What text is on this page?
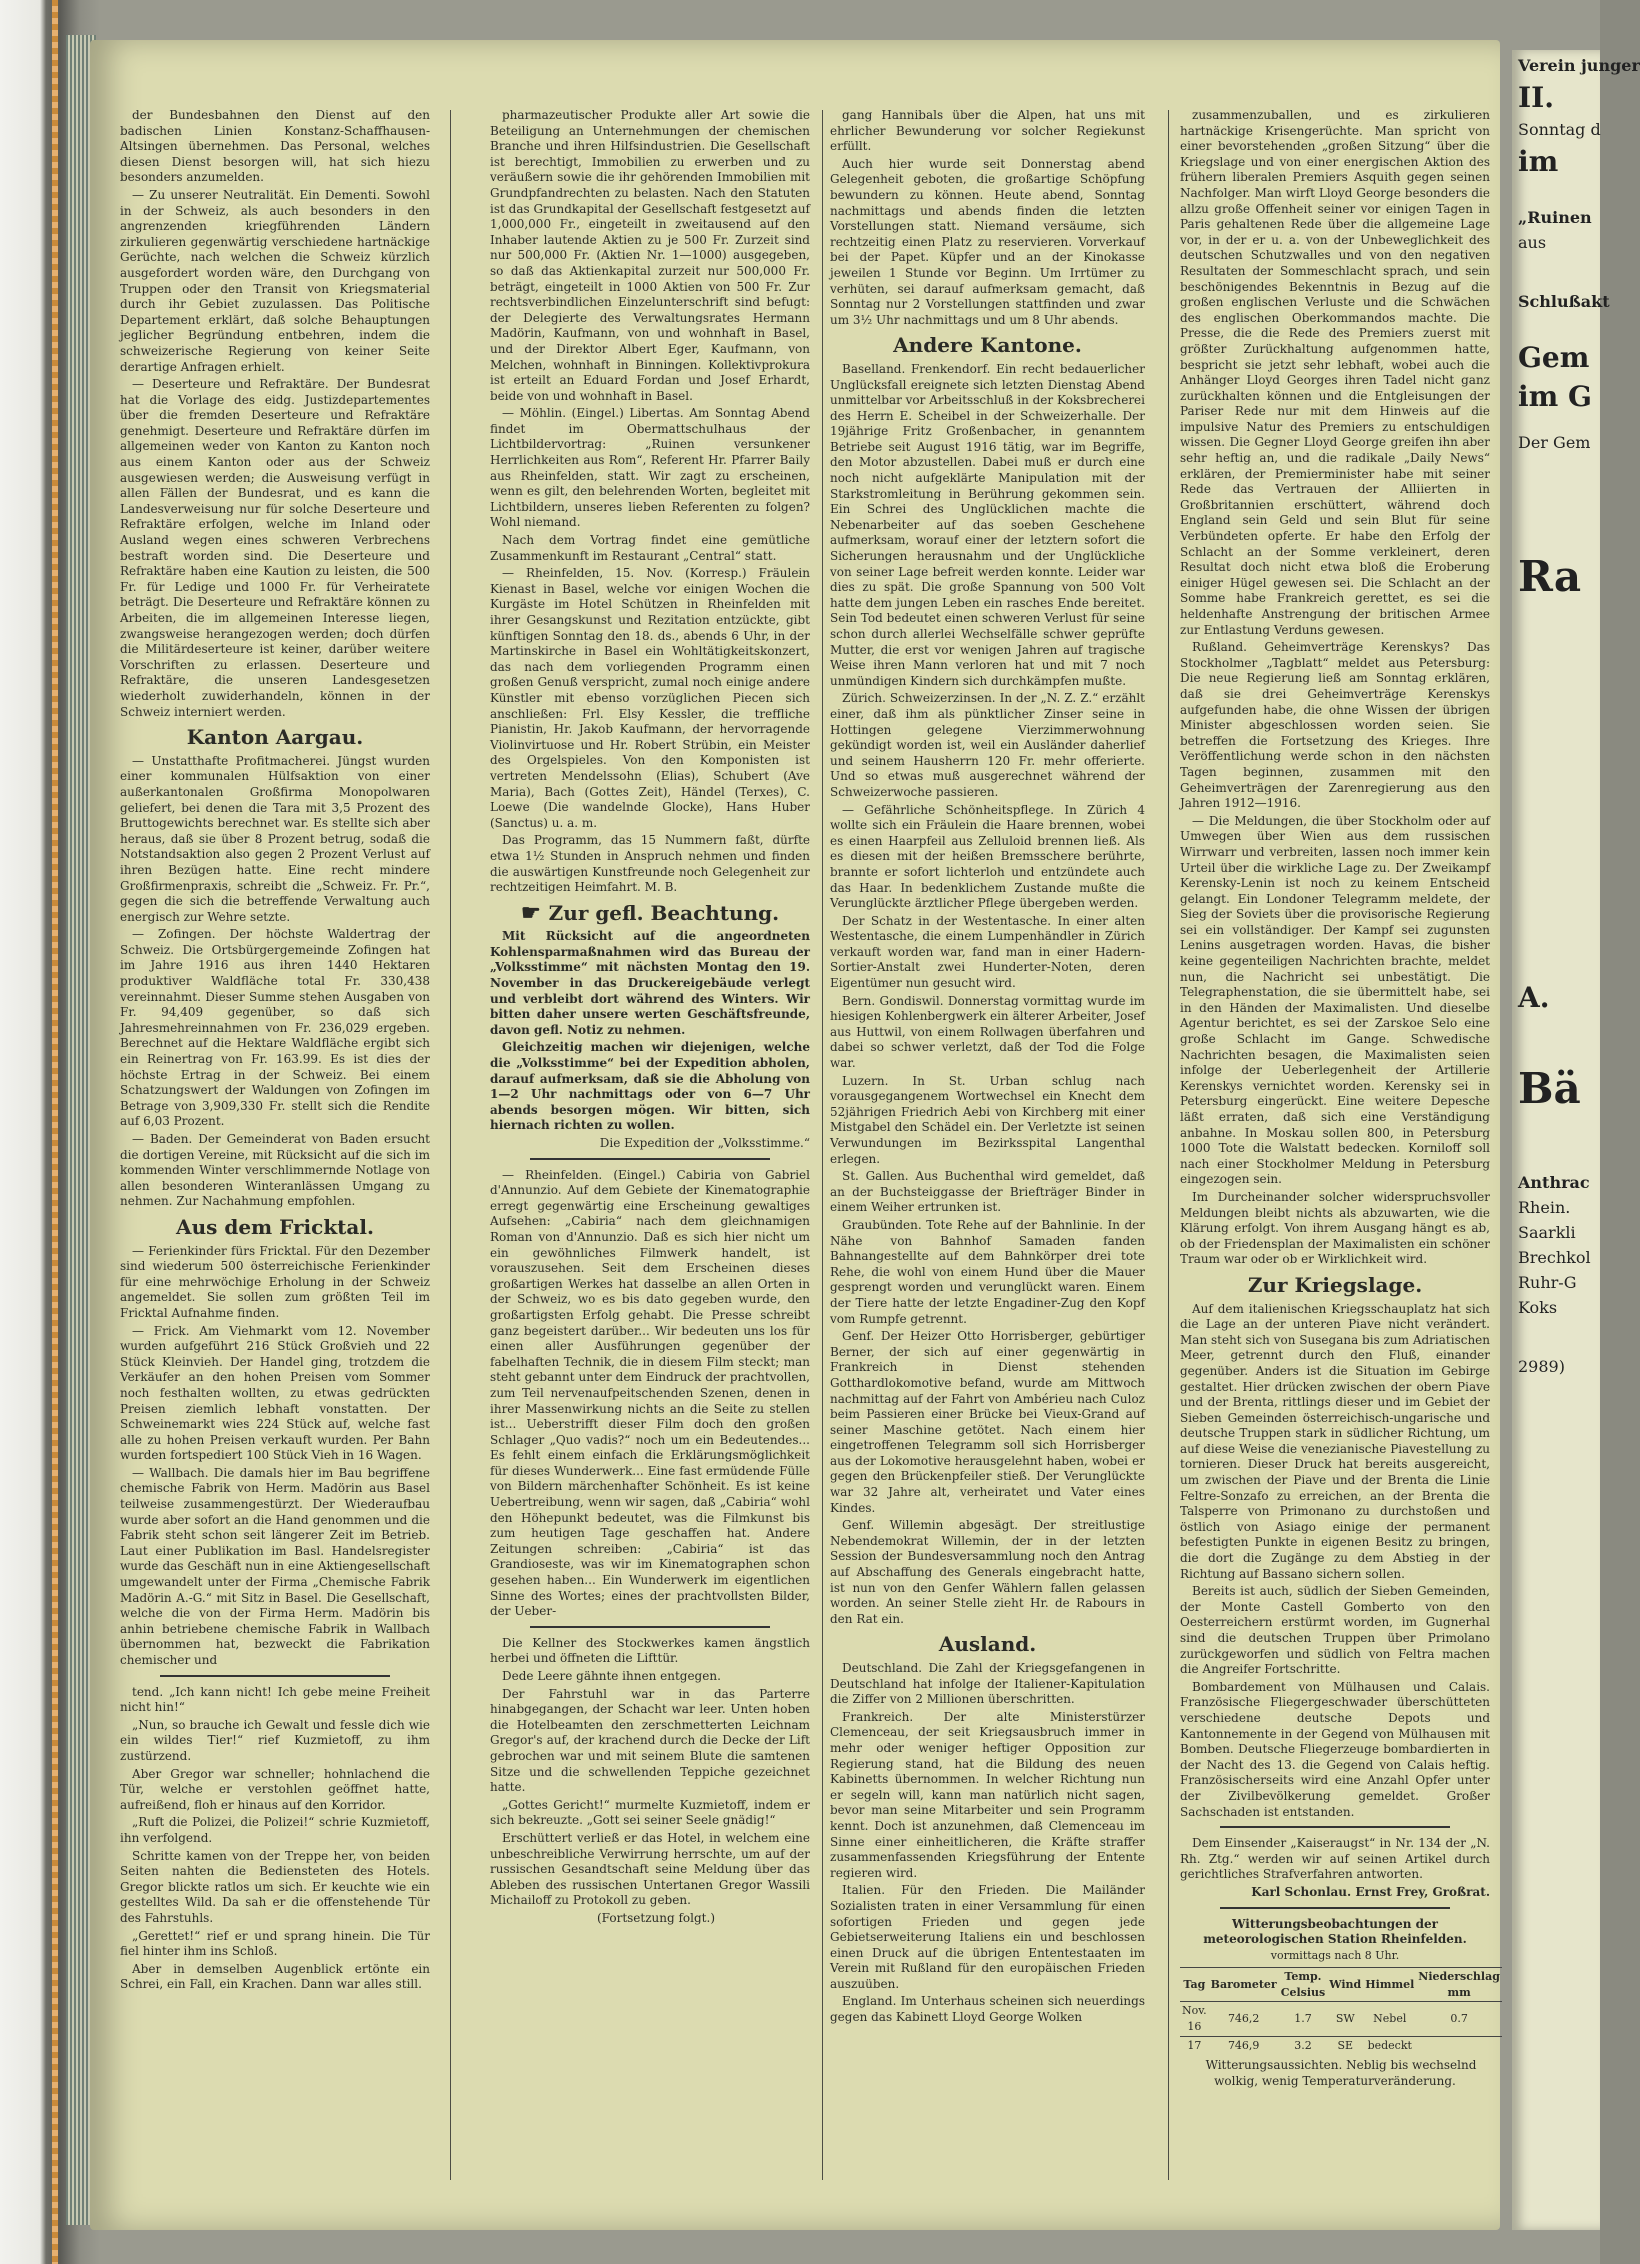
der Bundesbahnen den Dienst auf den badischen Linien Konstanz-Schaffhausen-Altsingen übernehmen. Das Personal, welches diesen Dienst besorgen will, hat sich hiezu besonders anzumelden.

— Zu unserer Neutralität. Ein Dementi. Sowohl in der Schweiz, als auch besonders in den angrenzenden kriegführenden Ländern zirkulieren gegenwärtig verschiedene hartnäckige Gerüchte, nach welchen die Schweiz kürzlich ausgefordert worden wäre, den Durchgang von Truppen oder den Transit von Kriegsmaterial durch ihr Gebiet zuzulassen. Das Politische Departement erklärt, daß solche Behauptungen jeglicher Begründung entbehren, indem die schweizerische Regierung von keiner Seite derartige Anfragen erhielt.

— Deserteure und Refraktäre. Der Bundesrat hat die Vorlage des eidg. Justizdepartementes über die fremden Deserteure und Refraktäre genehmigt. Deserteure und Refraktäre dürfen im allgemeinen weder von Kanton zu Kanton noch aus einem Kanton oder aus der Schweiz ausgewiesen werden; die Ausweisung verfügt in allen Fällen der Bundesrat, und es kann die Landesverweisung nur für solche Deserteure und Refraktäre erfolgen, welche im Inland oder Ausland wegen eines schweren Verbrechens bestraft worden sind. Die Deserteure und Refraktäre haben eine Kaution zu leisten, die 500 Fr. für Ledige und 1000 Fr. für Verheiratete beträgt. Die Deserteure und Refraktäre können zu Arbeiten, die im allgemeinen Interesse liegen, zwangsweise herangezogen werden; doch dürfen die Militärdeserteure ist keiner, darüber weitere Vorschriften zu erlassen. Deserteure und Refraktäre, die unseren Landesgesetzen wiederholt zuwiderhandeln, können in der Schweiz interniert werden.

Kanton Aargau.

— Unstatthafte Profitmacherei. Jüngst wurden einer kommunalen Hülfsaktion von einer außerkantonalen Großfirma Monopolwaren geliefert, bei denen die Tara mit 3,5 Prozent des Bruttogewichts berechnet war. Es stellte sich aber heraus, daß sie über 8 Prozent betrug, sodaß die Notstandsaktion also gegen 2 Prozent Verlust auf ihren Bezügen hatte. Eine recht mindere Großfirmenpraxis, schreibt die „Schweiz. Fr. Pr.“, gegen die sich die betreffende Verwaltung auch energisch zur Wehre setzte.

— Zofingen. Der höchste Waldertrag der Schweiz. Die Ortsbürgergemeinde Zofingen hat im Jahre 1916 aus ihren 1440 Hektaren produktiver Waldfläche total Fr. 330,438 vereinnahmt. Dieser Summe stehen Ausgaben von Fr. 94,409 gegenüber, so daß sich Jahresmehreinnahmen von Fr. 236,029 ergeben. Berechnet auf die Hektare Waldfläche ergibt sich ein Reinertrag von Fr. 163.99. Es ist dies der höchste Ertrag in der Schweiz. Bei einem Schatzungswert der Waldungen von Zofingen im Betrage von 3,909,330 Fr. stellt sich die Rendite auf 6,03 Prozent.

— Baden. Der Gemeinderat von Baden ersucht die dortigen Vereine, mit Rücksicht auf die sich im kommenden Winter verschlimmernde Notlage von allen besonderen Winteranlässen Umgang zu nehmen. Zur Nachahmung empfohlen.

Aus dem Fricktal.

— Ferienkinder fürs Fricktal. Für den Dezember sind wiederum 500 österreichische Ferienkinder für eine mehrwöchige Erholung in der Schweiz angemeldet. Sie sollen zum größten Teil im Fricktal Aufnahme finden.

— Frick. Am Viehmarkt vom 12. November wurden aufgeführt 216 Stück Großvieh und 22 Stück Kleinvieh. Der Handel ging, trotzdem die Verkäufer an den hohen Preisen vom Sommer noch festhalten wollten, zu etwas gedrückten Preisen ziemlich lebhaft vonstatten. Der Schweinemarkt wies 224 Stück auf, welche fast alle zu hohen Preisen verkauft wurden. Per Bahn wurden fortspediert 100 Stück Vieh in 16 Wagen.

— Wallbach. Die damals hier im Bau begriffene chemische Fabrik von Herm. Madörin aus Basel teilweise zusammengestürzt. Der Wiederaufbau wurde aber sofort an die Hand genommen und die Fabrik steht schon seit längerer Zeit im Betrieb. Laut einer Publikation im Basl. Handelsregister wurde das Geschäft nun in eine Aktiengesellschaft umgewandelt unter der Firma „Chemische Fabrik Madörin A.-G.“ mit Sitz in Basel. Die Gesellschaft, welche die von der Firma Herm. Madörin bis anhin betriebene chemische Fabrik in Wallbach übernommen hat, bezweckt die Fabrikation chemischer und

tend. „Ich kann nicht! Ich gebe meine Freiheit nicht hin!“

„Nun, so brauche ich Gewalt und fessle dich wie ein wildes Tier!“ rief Kuzmietoff, zu ihm zustürzend.

Aber Gregor war schneller; hohnlachend die Tür, welche er verstohlen geöffnet hatte, aufreißend, floh er hinaus auf den Korridor.

„Ruft die Polizei, die Polizei!“ schrie Kuzmietoff, ihn verfolgend.

Schritte kamen von der Treppe her, von beiden Seiten nahten die Bediensteten des Hotels. Gregor blickte ratlos um sich. Er keuchte wie ein gestelltes Wild. Da sah er die offenstehende Tür des Fahrstuhls.

„Gerettet!“ rief er und sprang hinein. Die Tür fiel hinter ihm ins Schloß.

Aber in demselben Augenblick ertönte ein Schrei, ein Fall, ein Krachen. Dann war alles still.

pharmazeutischer Produkte aller Art sowie die Beteiligung an Unternehmungen der chemischen Branche und ihren Hilfsindustrien. Die Gesellschaft ist berechtigt, Immobilien zu erwerben und zu veräußern sowie die ihr gehörenden Immobilien mit Grundpfandrechten zu belasten. Nach den Statuten ist das Grundkapital der Gesellschaft festgesetzt auf 1,000,000 Fr., eingeteilt in zweitausend auf den Inhaber lautende Aktien zu je 500 Fr. Zurzeit sind nur 500,000 Fr. (Aktien Nr. 1—1000) ausgegeben, so daß das Aktienkapital zurzeit nur 500,000 Fr. beträgt, eingeteilt in 1000 Aktien von 500 Fr. Zur rechtsverbindlichen Einzelunterschrift sind befugt: der Delegierte des Verwaltungsrates Hermann Madörin, Kaufmann, von und wohnhaft in Basel, und der Direktor Albert Eger, Kaufmann, von Melchen, wohnhaft in Binningen. Kollektivprokura ist erteilt an Eduard Fordan und Josef Erhardt, beide von und wohnhaft in Basel.

— Möhlin. (Eingel.) Libertas. Am Sonntag Abend findet im Obermattschulhaus der Lichtbildervortrag: „Ruinen versunkener Herrlichkeiten aus Rom“, Referent Hr. Pfarrer Baily aus Rheinfelden, statt. Wir zagt zu erscheinen, wenn es gilt, den belehrenden Worten, begleitet mit Lichtbildern, unseres lieben Referenten zu folgen? Wohl niemand.

Nach dem Vortrag findet eine gemütliche Zusammenkunft im Restaurant „Central“ statt.

— Rheinfelden, 15. Nov. (Korresp.) Fräulein Kienast in Basel, welche vor einigen Wochen die Kurgäste im Hotel Schützen in Rheinfelden mit ihrer Gesangskunst und Rezitation entzückte, gibt künftigen Sonntag den 18. ds., abends 6 Uhr, in der Martinskirche in Basel ein Wohltätigkeitskonzert, das nach dem vorliegenden Programm einen großen Genuß verspricht, zumal noch einige andere Künstler mit ebenso vorzüglichen Piecen sich anschließen: Frl. Elsy Kessler, die treffliche Pianistin, Hr. Jakob Kaufmann, der hervorragende Violinvirtuose und Hr. Robert Strübin, ein Meister des Orgelspieles. Von den Komponisten ist vertreten Mendelssohn (Elias), Schubert (Ave Maria), Bach (Gottes Zeit), Händel (Terxes), C. Loewe (Die wandelnde Glocke), Hans Huber (Sanctus) u. a. m.

Das Programm, das 15 Nummern faßt, dürfte etwa 1½ Stunden in Anspruch nehmen und finden die auswärtigen Kunstfreunde noch Gelegenheit zur rechtzeitigen Heimfahrt. M. B.

☛ Zur gefl. Beachtung.

Mit Rücksicht auf die angeordneten Kohlensparmaßnahmen wird das Bureau der „Volksstimme“ mit nächsten Montag den 19. November in das Druckereigebäude verlegt und verbleibt dort während des Winters. Wir bitten daher unsere werten Geschäftsfreunde, davon gefl. Notiz zu nehmen.

Gleichzeitig machen wir diejenigen, welche die „Volksstimme“ bei der Expedition abholen, darauf aufmerksam, daß sie die Abholung von 1—2 Uhr nachmittags oder von 6—7 Uhr abends besorgen mögen. Wir bitten, sich hiernach richten zu wollen.

Die Expedition der „Volksstimme.“

— Rheinfelden. (Eingel.) Cabiria von Gabriel d'Annunzio. Auf dem Gebiete der Kinematographie erregt gegenwärtig eine Erscheinung gewaltiges Aufsehen: „Cabiria“ nach dem gleichnamigen Roman von d'Annunzio. Daß es sich hier nicht um ein gewöhnliches Filmwerk handelt, ist vorauszusehen. Seit dem Erscheinen dieses großartigen Werkes hat dasselbe an allen Orten in der Schweiz, wo es bis dato gegeben wurde, den großartigsten Erfolg gehabt. Die Presse schreibt ganz begeistert darüber... Wir bedeuten uns los für einen aller Ausführungen gegenüber der fabelhaften Technik, die in diesem Film steckt; man steht gebannt unter dem Eindruck der prachtvollen, zum Teil nervenaufpeitschenden Szenen, denen in ihrer Massenwirkung nichts an die Seite zu stellen ist... Ueberstrifft dieser Film doch den großen Schlager „Quo vadis?“ noch um ein Bedeutendes... Es fehlt einem einfach die Erklärungsmöglichkeit für dieses Wunderwerk... Eine fast ermüdende Fülle von Bildern märchenhafter Schönheit. Es ist keine Uebertreibung, wenn wir sagen, daß „Cabiria“ wohl den Höhepunkt bedeutet, was die Filmkunst bis zum heutigen Tage geschaffen hat. Andere Zeitungen schreiben: „Cabiria“ ist das Grandioseste, was wir im Kinematographen schon gesehen haben... Ein Wunderwerk im eigentlichen Sinne des Wortes; eines der prachtvollsten Bilder, der Ueber-

Die Kellner des Stockwerkes kamen ängstlich herbei und öffneten die Lifttür.

Dede Leere gähnte ihnen entgegen.

Der Fahrstuhl war in das Parterre hinabgegangen, der Schacht war leer. Unten hoben die Hotelbeamten den zerschmetterten Leichnam Gregor's auf, der krachend durch die Decke der Lift gebrochen war und mit seinem Blute die samtenen Sitze und die schwellenden Teppiche gezeichnet hatte.

„Gottes Gericht!“ murmelte Kuzmietoff, indem er sich bekreuzte. „Gott sei seiner Seele gnädig!“

Erschüttert verließ er das Hotel, in welchem eine unbeschreibliche Verwirrung herrschte, um auf der russischen Gesandtschaft seine Meldung über das Ableben des russischen Untertanen Gregor Wassili Michailoff zu Protokoll zu geben.

(Fortsetzung folgt.)

gang Hannibals über die Alpen, hat uns mit ehrlicher Bewunderung vor solcher Regiekunst erfüllt.

Auch hier wurde seit Donnerstag abend Gelegenheit geboten, die großartige Schöpfung bewundern zu können. Heute abend, Sonntag nachmittags und abends finden die letzten Vorstellungen statt. Niemand versäume, sich rechtzeitig einen Platz zu reservieren. Vorverkauf bei der Papet. Küpfer und an der Kinokasse jeweilen 1 Stunde vor Beginn. Um Irrtümer zu verhüten, sei darauf aufmerksam gemacht, daß Sonntag nur 2 Vorstellungen stattfinden und zwar um 3½ Uhr nachmittags und um 8 Uhr abends.

Andere Kantone.

Baselland. Frenkendorf. Ein recht bedauerlicher Unglücksfall ereignete sich letzten Dienstag Abend unmittelbar vor Arbeitsschluß in der Koksbrecherei des Herrn E. Scheibel in der Schweizerhalle. Der 19jährige Fritz Großenbacher, in genanntem Betriebe seit August 1916 tätig, war im Begriffe, den Motor abzustellen. Dabei muß er durch eine noch nicht aufgeklärte Manipulation mit der Starkstromleitung in Berührung gekommen sein. Ein Schrei des Unglücklichen machte die Nebenarbeiter auf das soeben Geschehene aufmerksam, worauf einer der letztern sofort die Sicherungen herausnahm und der Unglückliche von seiner Lage befreit werden konnte. Leider war dies zu spät. Die große Spannung von 500 Volt hatte dem jungen Leben ein rasches Ende bereitet. Sein Tod bedeutet einen schweren Verlust für seine schon durch allerlei Wechselfälle schwer geprüfte Mutter, die erst vor wenigen Jahren auf tragische Weise ihren Mann verloren hat und mit 7 noch unmündigen Kindern sich durchkämpfen mußte.

Zürich. Schweizerzinsen. In der „N. Z. Z.“ erzählt einer, daß ihm als pünktlicher Zinser seine in Hottingen gelegene Vierzimmerwohnung gekündigt worden ist, weil ein Ausländer daherlief und seinem Hausherrn 120 Fr. mehr offerierte. Und so etwas muß ausgerechnet während der Schweizerwoche passieren.

— Gefährliche Schönheitspflege. In Zürich 4 wollte sich ein Fräulein die Haare brennen, wobei es einen Haarpfeil aus Zelluloid brennen ließ. Als es diesen mit der heißen Bremsschere berührte, brannte er sofort lichterloh und entzündete auch das Haar. In bedenklichem Zustande mußte die Verunglückte ärztlicher Pflege übergeben werden.

Der Schatz in der Westentasche. In einer alten Westentasche, die einem Lumpenhändler in Zürich verkauft worden war, fand man in einer Hadern-Sortier-Anstalt zwei Hunderter-Noten, deren Eigentümer nun gesucht wird.

Bern. Gondiswil. Donnerstag vormittag wurde im hiesigen Kohlenbergwerk ein älterer Arbeiter, Josef aus Huttwil, von einem Rollwagen überfahren und dabei so schwer verletzt, daß der Tod die Folge war.

Luzern. In St. Urban schlug nach vorausgegangenem Wortwechsel ein Knecht dem 52jährigen Friedrich Aebi von Kirchberg mit einer Mistgabel den Schädel ein. Der Verletzte ist seinen Verwundungen im Bezirksspital Langenthal erlegen.

St. Gallen. Aus Buchenthal wird gemeldet, daß an der Buchsteiggasse der Briefträger Binder in einem Weiher ertrunken ist.

Graubünden. Tote Rehe auf der Bahnlinie. In der Nähe von Bahnhof Samaden fanden Bahnangestellte auf dem Bahnkörper drei tote Rehe, die wohl von einem Hund über die Mauer gesprengt worden und verunglückt waren. Einem der Tiere hatte der letzte Engadiner-Zug den Kopf vom Rumpfe getrennt.

Genf. Der Heizer Otto Horrisberger, gebürtiger Berner, der sich auf einer gegenwärtig in Frankreich in Dienst stehenden Gotthardlokomotive befand, wurde am Mittwoch nachmittag auf der Fahrt von Ambérieu nach Culoz beim Passieren einer Brücke bei Vieux-Grand auf seiner Maschine getötet. Nach einem hier eingetroffenen Telegramm soll sich Horrisberger aus der Lokomotive herausgelehnt haben, wobei er gegen den Brückenpfeiler stieß. Der Verunglückte war 32 Jahre alt, verheiratet und Vater eines Kindes.

Genf. Willemin abgesägt. Der streitlustige Nebendemokrat Willemin, der in der letzten Session der Bundesversammlung noch den Antrag auf Abschaffung des Generals eingebracht hatte, ist nun von den Genfer Wählern fallen gelassen worden. An seiner Stelle zieht Hr. de Rabours in den Rat ein.

Ausland.

Deutschland. Die Zahl der Kriegsgefangenen in Deutschland hat infolge der Italiener-Kapitulation die Ziffer von 2 Millionen überschritten.

Frankreich. Der alte Ministerstürzer Clemenceau, der seit Kriegsausbruch immer in mehr oder weniger heftiger Opposition zur Regierung stand, hat die Bildung des neuen Kabinetts übernommen. In welcher Richtung nun er segeln will, kann man natürlich nicht sagen, bevor man seine Mitarbeiter und sein Programm kennt. Doch ist anzunehmen, daß Clemenceau im Sinne einer einheitlicheren, die Kräfte straffer zusammenfassenden Kriegsführung der Entente regieren wird.

Italien. Für den Frieden. Die Mailänder Sozialisten traten in einer Versammlung für einen sofortigen Frieden und gegen jede Gebietserweiterung Italiens ein und beschlossen einen Druck auf die übrigen Ententestaaten im Verein mit Rußland für den europäischen Frieden auszuüben.

England. Im Unterhaus scheinen sich neuerdings gegen das Kabinett Lloyd George Wolken

zusammenzuballen, und es zirkulieren hartnäckige Krisengerüchte. Man spricht von einer bevorstehenden „großen Sitzung“ über die Kriegslage und von einer energischen Aktion des frühern liberalen Premiers Asquith gegen seinen Nachfolger. Man wirft Lloyd George besonders die allzu große Offenheit seiner vor einigen Tagen in Paris gehaltenen Rede über die allgemeine Lage vor, in der er u. a. von der Unbeweglichkeit des deutschen Schutzwalles und von den negativen Resultaten der Sommeschlacht sprach, und sein beschönigendes Bekenntnis in Bezug auf die großen englischen Verluste und die Schwächen des englischen Oberkommandos machte. Die Presse, die die Rede des Premiers zuerst mit größter Zurückhaltung aufgenommen hatte, bespricht sie jetzt sehr lebhaft, wobei auch die Anhänger Lloyd Georges ihren Tadel nicht ganz zurückhalten können und die Entgleisungen der Pariser Rede nur mit dem Hinweis auf die impulsive Natur des Premiers zu entschuldigen wissen. Die Gegner Lloyd George greifen ihn aber sehr heftig an, und die radikale „Daily News“ erklären, der Premierminister habe mit seiner Rede das Vertrauen der Alliierten in Großbritannien erschüttert, während doch England sein Geld und sein Blut für seine Verbündeten opferte. Er habe den Erfolg der Schlacht an der Somme verkleinert, deren Resultat doch nicht etwa bloß die Eroberung einiger Hügel gewesen sei. Die Schlacht an der Somme habe Frankreich gerettet, es sei die heldenhafte Anstrengung der britischen Armee zur Entlastung Verduns gewesen.

Rußland. Geheimverträge Kerenskys? Das Stockholmer „Tagblatt“ meldet aus Petersburg: Die neue Regierung ließ am Sonntag erklären, daß sie drei Geheimverträge Kerenskys aufgefunden habe, die ohne Wissen der übrigen Minister abgeschlossen worden seien. Sie betreffen die Fortsetzung des Krieges. Ihre Veröffentlichung werde schon in den nächsten Tagen beginnen, zusammen mit den Geheimverträgen der Zarenregierung aus den Jahren 1912—1916.

— Die Meldungen, die über Stockholm oder auf Umwegen über Wien aus dem russischen Wirrwarr und verbreiten, lassen noch immer kein Urteil über die wirkliche Lage zu. Der Zweikampf Kerensky-Lenin ist noch zu keinem Entscheid gelangt. Ein Londoner Telegramm meldete, der Sieg der Soviets über die provisorische Regierung sei ein vollständiger. Der Kampf sei zugunsten Lenins ausgetragen worden. Havas, die bisher keine gegenteiligen Nachrichten brachte, meldet nun, die Nachricht sei unbestätigt. Die Telegraphenstation, die sie übermittelt habe, sei in den Händen der Maximalisten. Und dieselbe Agentur berichtet, es sei der Zarskoe Selo eine große Schlacht im Gange. Schwedische Nachrichten besagen, die Maximalisten seien infolge der Ueberlegenheit der Artillerie Kerenskys vernichtet worden. Kerensky sei in Petersburg eingerückt. Eine weitere Depesche läßt erraten, daß sich eine Verständigung anbahne. In Moskau sollen 800, in Petersburg 1000 Tote die Walstatt bedecken. Korniloff soll nach einer Stockholmer Meldung in Petersburg eingezogen sein.

Im Durcheinander solcher widerspruchsvoller Meldungen bleibt nichts als abzuwarten, wie die Klärung erfolgt. Von ihrem Ausgang hängt es ab, ob der Friedensplan der Maximalisten ein schöner Traum war oder ob er Wirklichkeit wird.

Zur Kriegslage.

Auf dem italienischen Kriegsschauplatz hat sich die Lage an der unteren Piave nicht verändert. Man steht sich von Susegana bis zum Adriatischen Meer, getrennt durch den Fluß, einander gegenüber. Anders ist die Situation im Gebirge gestaltet. Hier drücken zwischen der obern Piave und der Brenta, rittlings dieser und im Gebiet der Sieben Gemeinden österreichisch-ungarische und deutsche Truppen stark in südlicher Richtung, um auf diese Weise die venezianische Piavestellung zu tornieren. Dieser Druck hat bereits ausgereicht, um zwischen der Piave und der Brenta die Linie Feltre-Sonzafo zu erreichen, an der Brenta die Talsperre von Primonano zu durchstoßen und östlich von Asiago einige der permanent befestigten Punkte in eigenen Besitz zu bringen, die dort die Zugänge zu dem Abstieg in der Richtung auf Bassano sichern sollen.

Bereits ist auch, südlich der Sieben Gemeinden, der Monte Castell Gomberto von den Oesterreichern erstürmt worden, im Gugnerhal sind die deutschen Truppen über Primolano zurückgeworfen und südlich von Feltra machen die Angreifer Fortschritte.

Bombardement von Mülhausen und Calais. Französische Fliegergeschwader überschütteten verschiedene deutsche Depots und Kantonnemente in der Gegend von Mülhausen mit Bomben. Deutsche Fliegerzeuge bombardierten in der Nacht des 13. die Gegend von Calais heftig. Französischerseits wird eine Anzahl Opfer unter der Zivilbevölkerung gemeldet. Großer Sachschaden ist entstanden.

Dem Einsender „Kaiseraugst“ in Nr. 134 der „N. Rh. Ztg.“ werden wir auf seinen Artikel durch gerichtliches Strafverfahren antworten.

Karl Schonlau. Ernst Frey, Großrat.

Witterungsbeobachtungen der meteorologischen Station Rheinfelden.
vormittags nach 8 Uhr.
Tag	Barometer	Temp. Celsius	Wind	Himmel	Niederschlag mm
Nov. 16	746,2	1.7	SW	Nebel	0.7
17	746,9	3.2	SE	bedeckt	

Witterungsaussichten. Neblig bis wechselnd wolkig, wenig Temperaturveränderung.

Verein junger
II.
Sonntag d
im
„Ruinen
aus
Schlußakt
Gem
im G
Der Gem
Ra
A.
Bä
Anthrac
Rhein.
Saarkli
Brechkol
Ruhr-G
Koks
2989)
